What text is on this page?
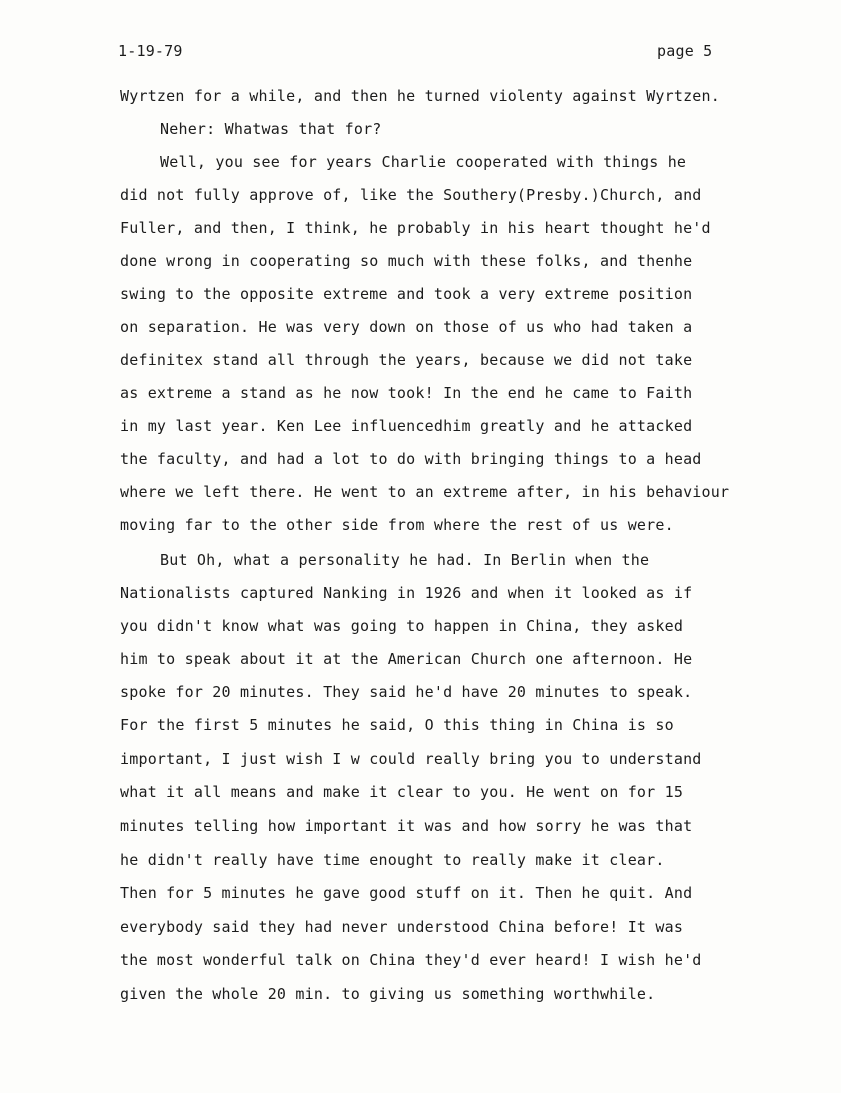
1-19-79	page 5
Wyrtzen for a while, and then he turned violenty against Wyrtzen.
Neher: Whatwas that for?
Well, you see for years Charlie cooperated with things he
did not fully approve of, like the Southery(Presby.)Church, and
Fuller, and then, I think, he probably in his heart thought he'd
done wrong in cooperating so much with these folks, and thenhe
swing to the opposite extreme and took a very extreme position
on separation. He was very down on those of us who had taken a
definitex stand all through the years, because we did not take
as extreme a stand as he now took! In the end he came to Faith
in my last year. Ken Lee influencedhim greatly and he attacked
the faculty, and had a lot to do with bringing things to a head
where we left there. He went to an extreme after, in his behaviour
moving far to the other side from where the rest of us were.
But Oh, what a personality he had. In Berlin when the
Nationalists captured Nanking in 1926 and when it looked as if
you didn't know what was going to happen in China, they asked
him to speak about it at the American Church one afternoon. He
spoke for 20 minutes. They said he'd have 20 minutes to speak.
For the first 5 minutes he said, O this thing in China is so
important, I just wish I w could really bring you to understand
what it all means and make it clear to you. He went on for 15
minutes telling how important it was and how sorry he was that
he didn't really have time enought to really make it clear.
Then for 5 minutes he gave good stuff on it. Then he quit. And
everybody said they had never understood China before! It was
the most wonderful talk on China they'd ever heard! I wish he'd
given the whole 20 min. to giving us something worthwhile.
